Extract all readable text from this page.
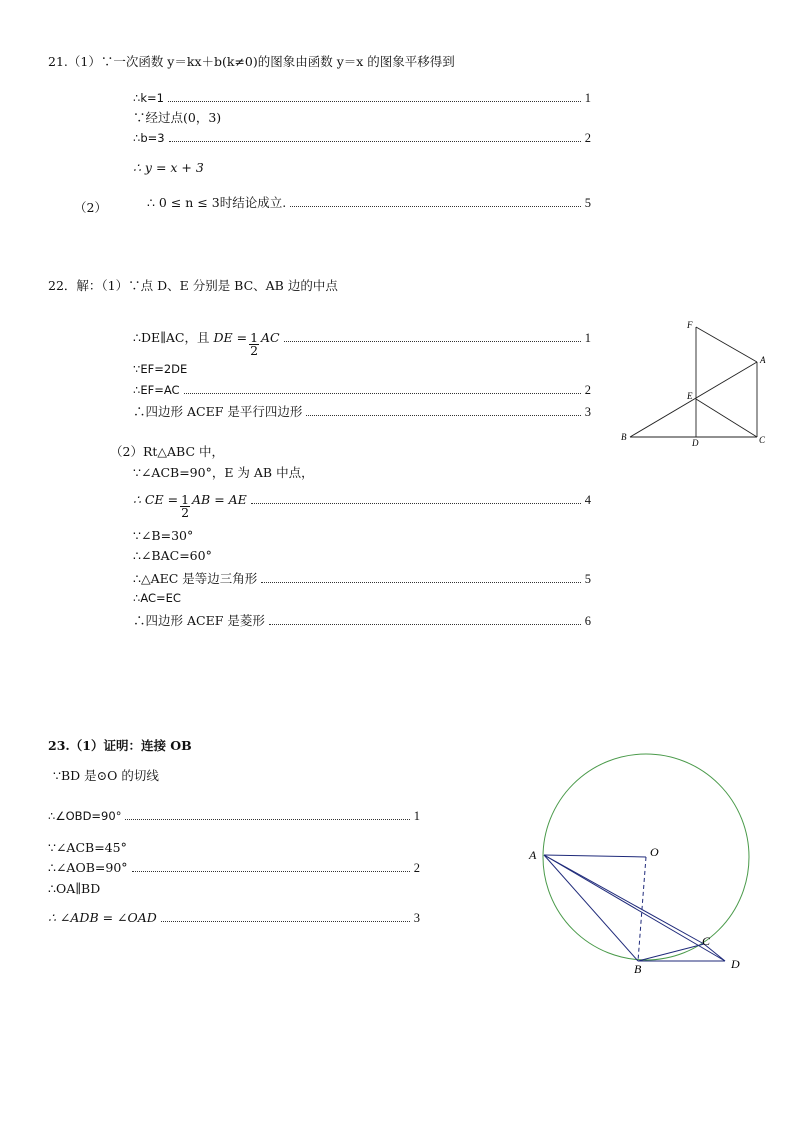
21.（1）∵一次函数 y＝kx＋b(k≠0)的图象由函数 y＝x 的图象平移得到
∴k=1	1
∵经过点(0，3)
∴b=3	2
∴ y = x + 3
（2）	∴ 0 ≤ n ≤ 3时结论成立.	5
22．解：（1）∵点 D、E 分别是 BC、AB 边的中点
∴DE∥AC，且 DE = $\frac{1}{2}$ AC	1
∵EF=2DE
∴EF=AC	2
∴四边形 ACEF 是平行四边形	3
（2）Rt△ABC 中，
∵∠ACB=90°，E 为 AB 中点，
∴ CE = $\frac{1}{2}$ AB = AE	4
∵∠B=30°
∴∠BAC=60°
∴△AEC 是等边三角形	5
∴AC=EC
∴四边形 ACEF 是菱形	6
F
A
E
B
D	C
23.（1）证明：连接 OB
∵BD 是⊙O 的切线
∴∠OBD=90°	1
∵∠ACB=45°
∴∠AOB=90°	2
∴OA∥BD
∴ ∠ADB = ∠OAD	3
A	O
C
B	D
